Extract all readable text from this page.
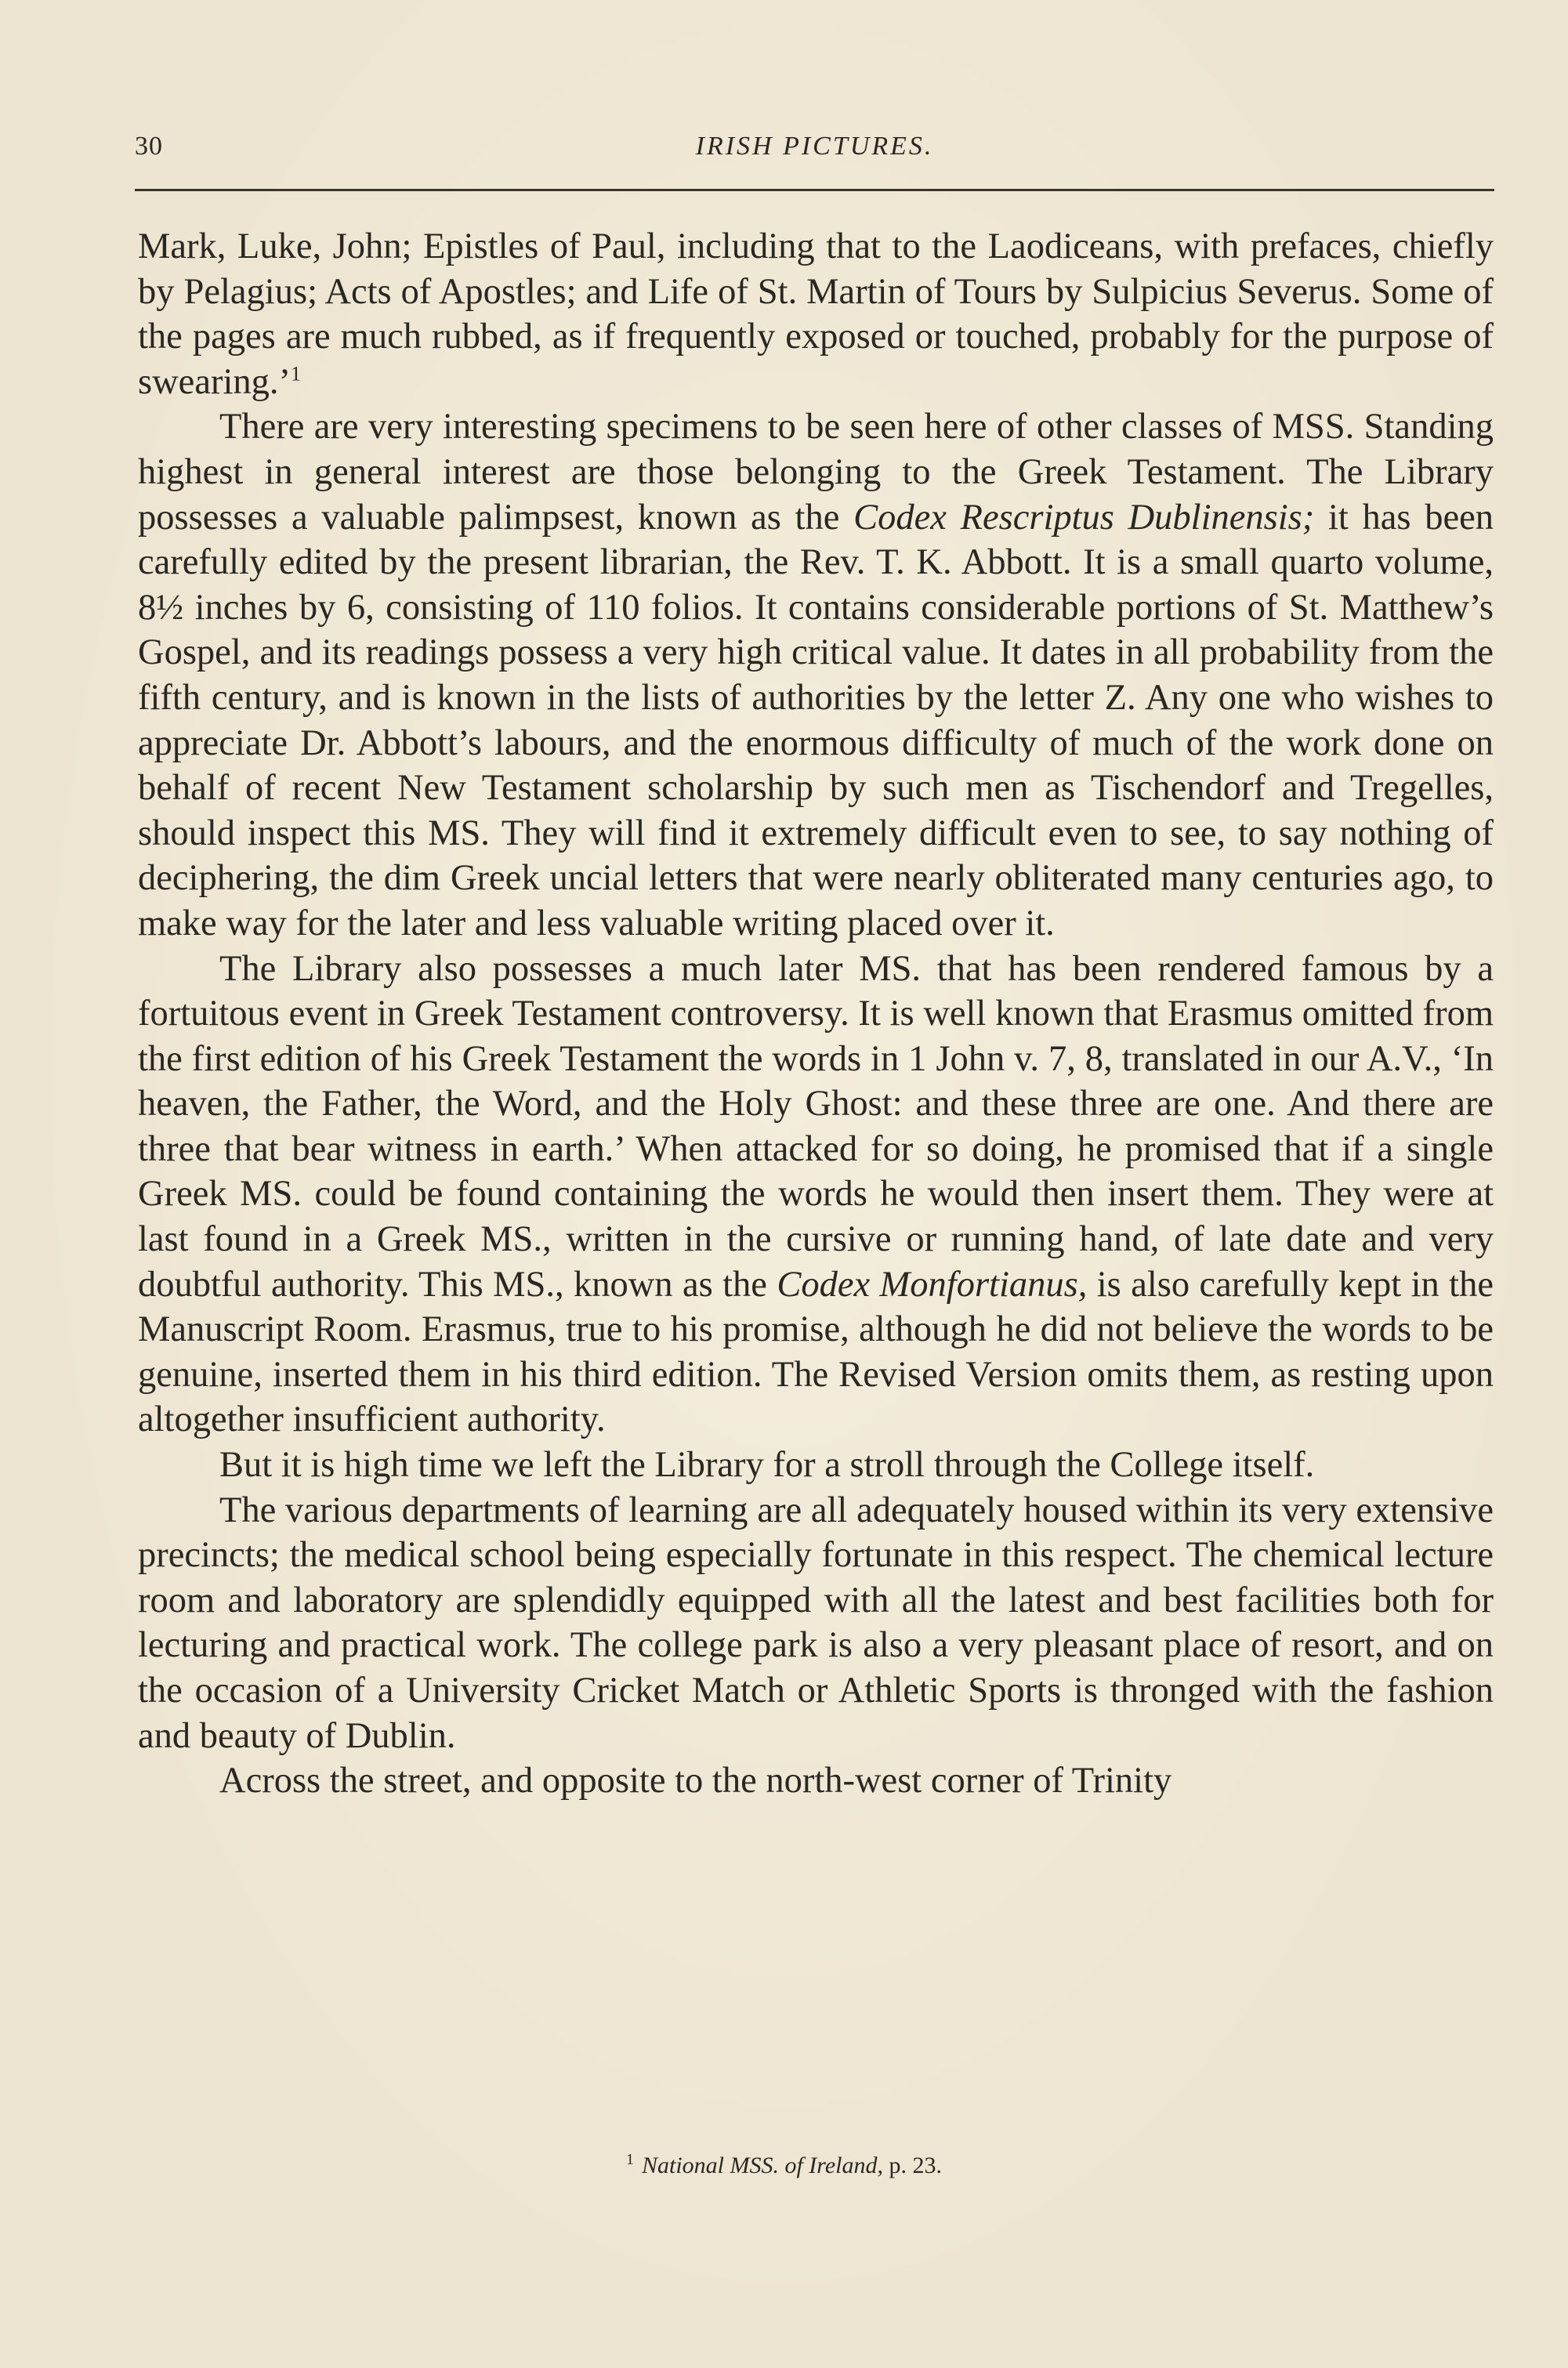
30	IRISH PICTURES.

Mark, Luke, John; Epistles of Paul, including that to the Laodiceans, with prefaces, chiefly by Pelagius; Acts of Apostles; and Life of St. Martin of Tours by Sulpicius Severus. Some of the pages are much rubbed, as if frequently exposed or touched, probably for the purpose of swearing.’$^1$

There are very interesting specimens to be seen here of other classes of MSS. Standing highest in general interest are those belonging to the Greek Testament. The Library possesses a valuable palimpsest, known as the Codex Rescriptus Dublinensis; it has been carefully edited by the present librarian, the Rev. T. K. Abbott. It is a small quarto volume, 8½ inches by 6, consisting of 110 folios. It contains considerable portions of St. Matthew’s Gospel, and its readings possess a very high critical value. It dates in all probability from the fifth century, and is known in the lists of authorities by the letter Z. Any one who wishes to appreciate Dr. Abbott’s labours, and the enormous difficulty of much of the work done on behalf of recent New Testament scholarship by such men as Tischendorf and Tregelles, should inspect this MS. They will find it extremely difficult even to see, to say nothing of deciphering, the dim Greek uncial letters that were nearly obliterated many centuries ago, to make way for the later and less valuable writing placed over it.

The Library also possesses a much later MS. that has been rendered famous by a fortuitous event in Greek Testament controversy. It is well known that Erasmus omitted from the first edition of his Greek Testament the words in 1 John v. 7, 8, translated in our A.V., ‘In heaven, the Father, the Word, and the Holy Ghost: and these three are one. And there are three that bear witness in earth.’ When attacked for so doing, he promised that if a single Greek MS. could be found containing the words he would then insert them. They were at last found in a Greek MS., written in the cursive or running hand, of late date and very doubtful authority. This MS., known as the Codex Monfortianus, is also carefully kept in the Manuscript Room. Erasmus, true to his promise, although he did not believe the words to be genuine, inserted them in his third edition. The Revised Version omits them, as resting upon altogether insufficient authority.

But it is high time we left the Library for a stroll through the College itself.

The various departments of learning are all adequately housed within its very extensive precincts; the medical school being especially fortunate in this respect. The chemical lecture room and laboratory are splendidly equipped with all the latest and best facilities both for lecturing and practical work. The college park is also a very pleasant place of resort, and on the occasion of a University Cricket Match or Athletic Sports is thronged with the fashion and beauty of Dublin.

Across the street, and opposite to the north-west corner of Trinity

$^1$ National MSS. of Ireland, p. 23.
